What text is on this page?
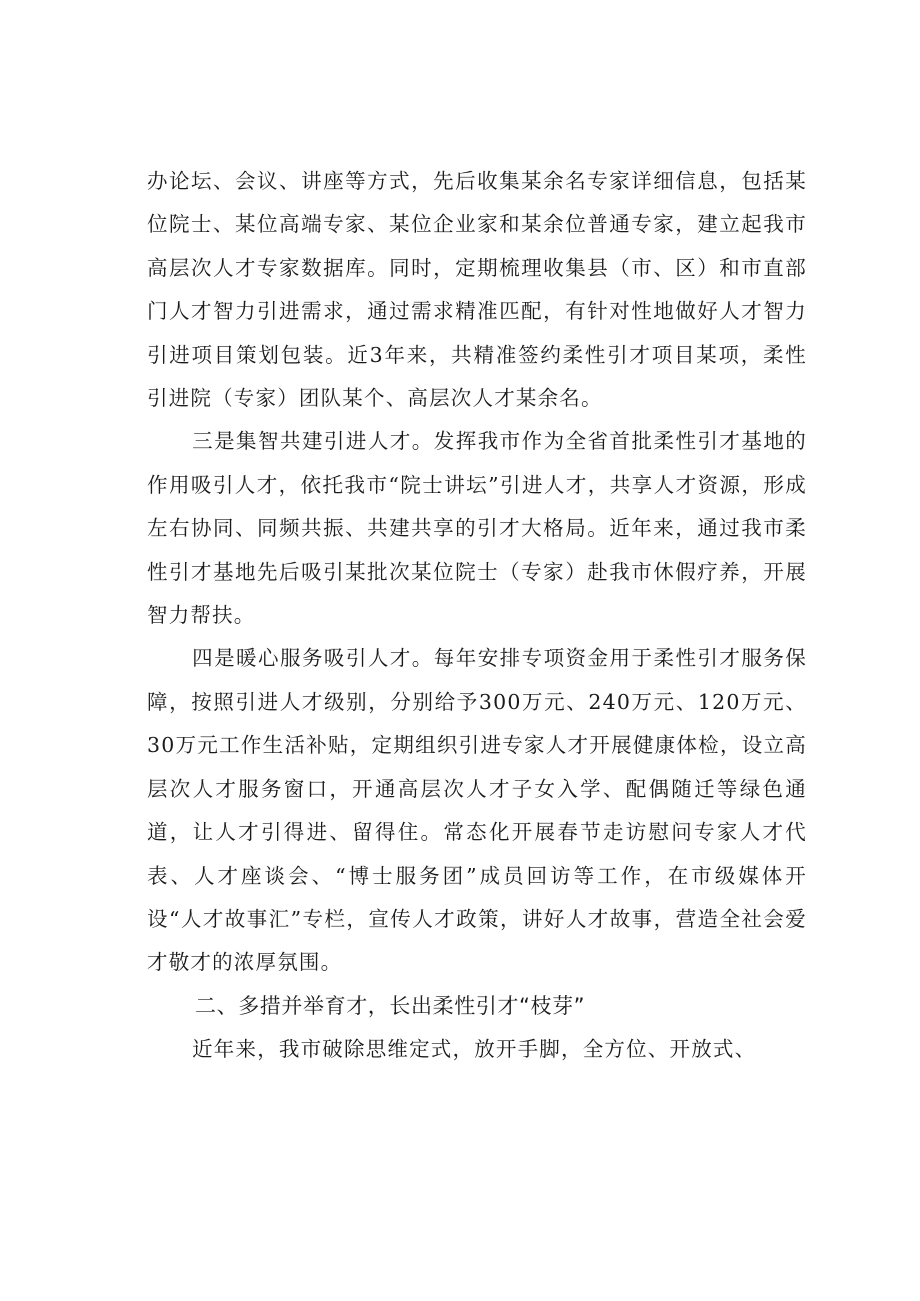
办论坛、会议、讲座等方式，先后收集某余名专家详细信息，包括某位院士、某位高端专家、某位企业家和某余位普通专家，建立起我市高层次人才专家数据库。同时，定期梳理收集县（市、区）和市直部门人才智力引进需求，通过需求精准匹配，有针对性地做好人才智力引进项目策划包装。近3年来，共精准签约柔性引才项目某项，柔性引进院（专家）团队某个、高层次人才某余名。

三是集智共建引进人才。发挥我市作为全省首批柔性引才基地的作用吸引人才，依托我市“院士讲坛”引进人才，共享人才资源，形成左右协同、同频共振、共建共享的引才大格局。近年来，通过我市柔性引才基地先后吸引某批次某位院士（专家）赴我市休假疗养，开展智力帮扶。

四是暖心服务吸引人才。每年安排专项资金用于柔性引才服务保障，按照引进人才级别，分别给予300万元、240万元、120万元、30万元工作生活补贴，定期组织引进专家人才开展健康体检，设立高层次人才服务窗口，开通高层次人才子女入学、配偶随迁等绿色通道，让人才引得进、留得住。常态化开展春节走访慰问专家人才代表、人才座谈会、“博士服务团”成员回访等工作，在市级媒体开设“人才故事汇”专栏，宣传人才政策，讲好人才故事，营造全社会爱才敬才的浓厚氛围。

二、多措并举育才，长出柔性引才“枝芽”

近年来，我市破除思维定式，放开手脚，全方位、开放式、
